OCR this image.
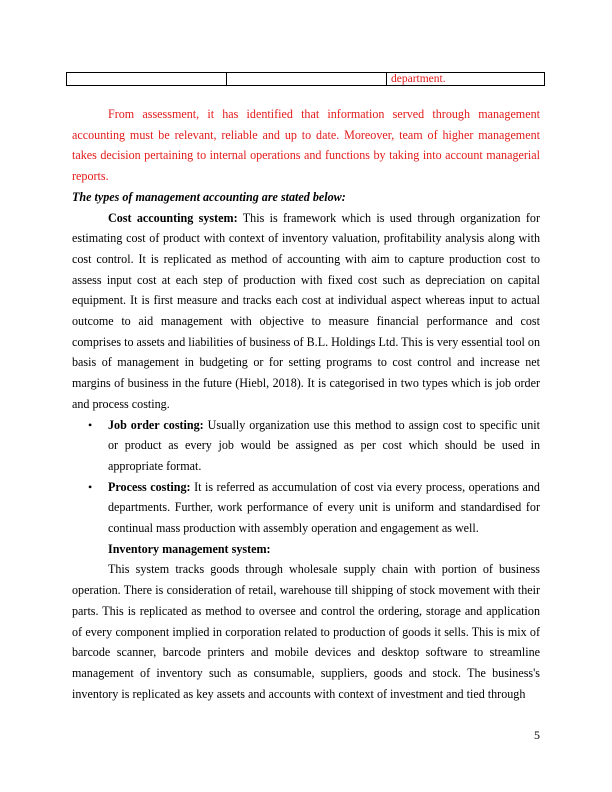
		department.

From assessment, it has identified that information served through management accounting must be relevant, reliable and up to date. Moreover, team of higher management takes decision pertaining to internal operations and functions by taking into account managerial reports.

The types of management accounting are stated below:

Cost accounting system: This is framework which is used through organization for estimating cost of product with context of inventory valuation, profitability analysis along with cost control. It is replicated as method of accounting with aim to capture production cost to assess input cost at each step of production with fixed cost such as depreciation on capital equipment. It is first measure and tracks each cost at individual aspect whereas input to actual outcome to aid management with objective to measure financial performance and cost comprises to assets and liabilities of business of B.L. Holdings Ltd. This is very essential tool on basis of management in budgeting or for setting programs to cost control and increase net margins of business in the future (Hiebl, 2018). It is categorised in two types which is job order and process costing.

• Job order costing: Usually organization use this method to assign cost to specific unit or product as every job would be assigned as per cost which should be used in appropriate format.
• Process costing: It is referred as accumulation of cost via every process, operations and departments. Further, work performance of every unit is uniform and standardised for continual mass production with assembly operation and engagement as well.

Inventory management system:

This system tracks goods through wholesale supply chain with portion of business operation. There is consideration of retail, warehouse till shipping of stock movement with their parts. This is replicated as method to oversee and control the ordering, storage and application of every component implied in corporation related to production of goods it sells. This is mix of barcode scanner, barcode printers and mobile devices and desktop software to streamline management of inventory such as consumable, suppliers, goods and stock. The business's inventory is replicated as key assets and accounts with context of investment and tied through

5
